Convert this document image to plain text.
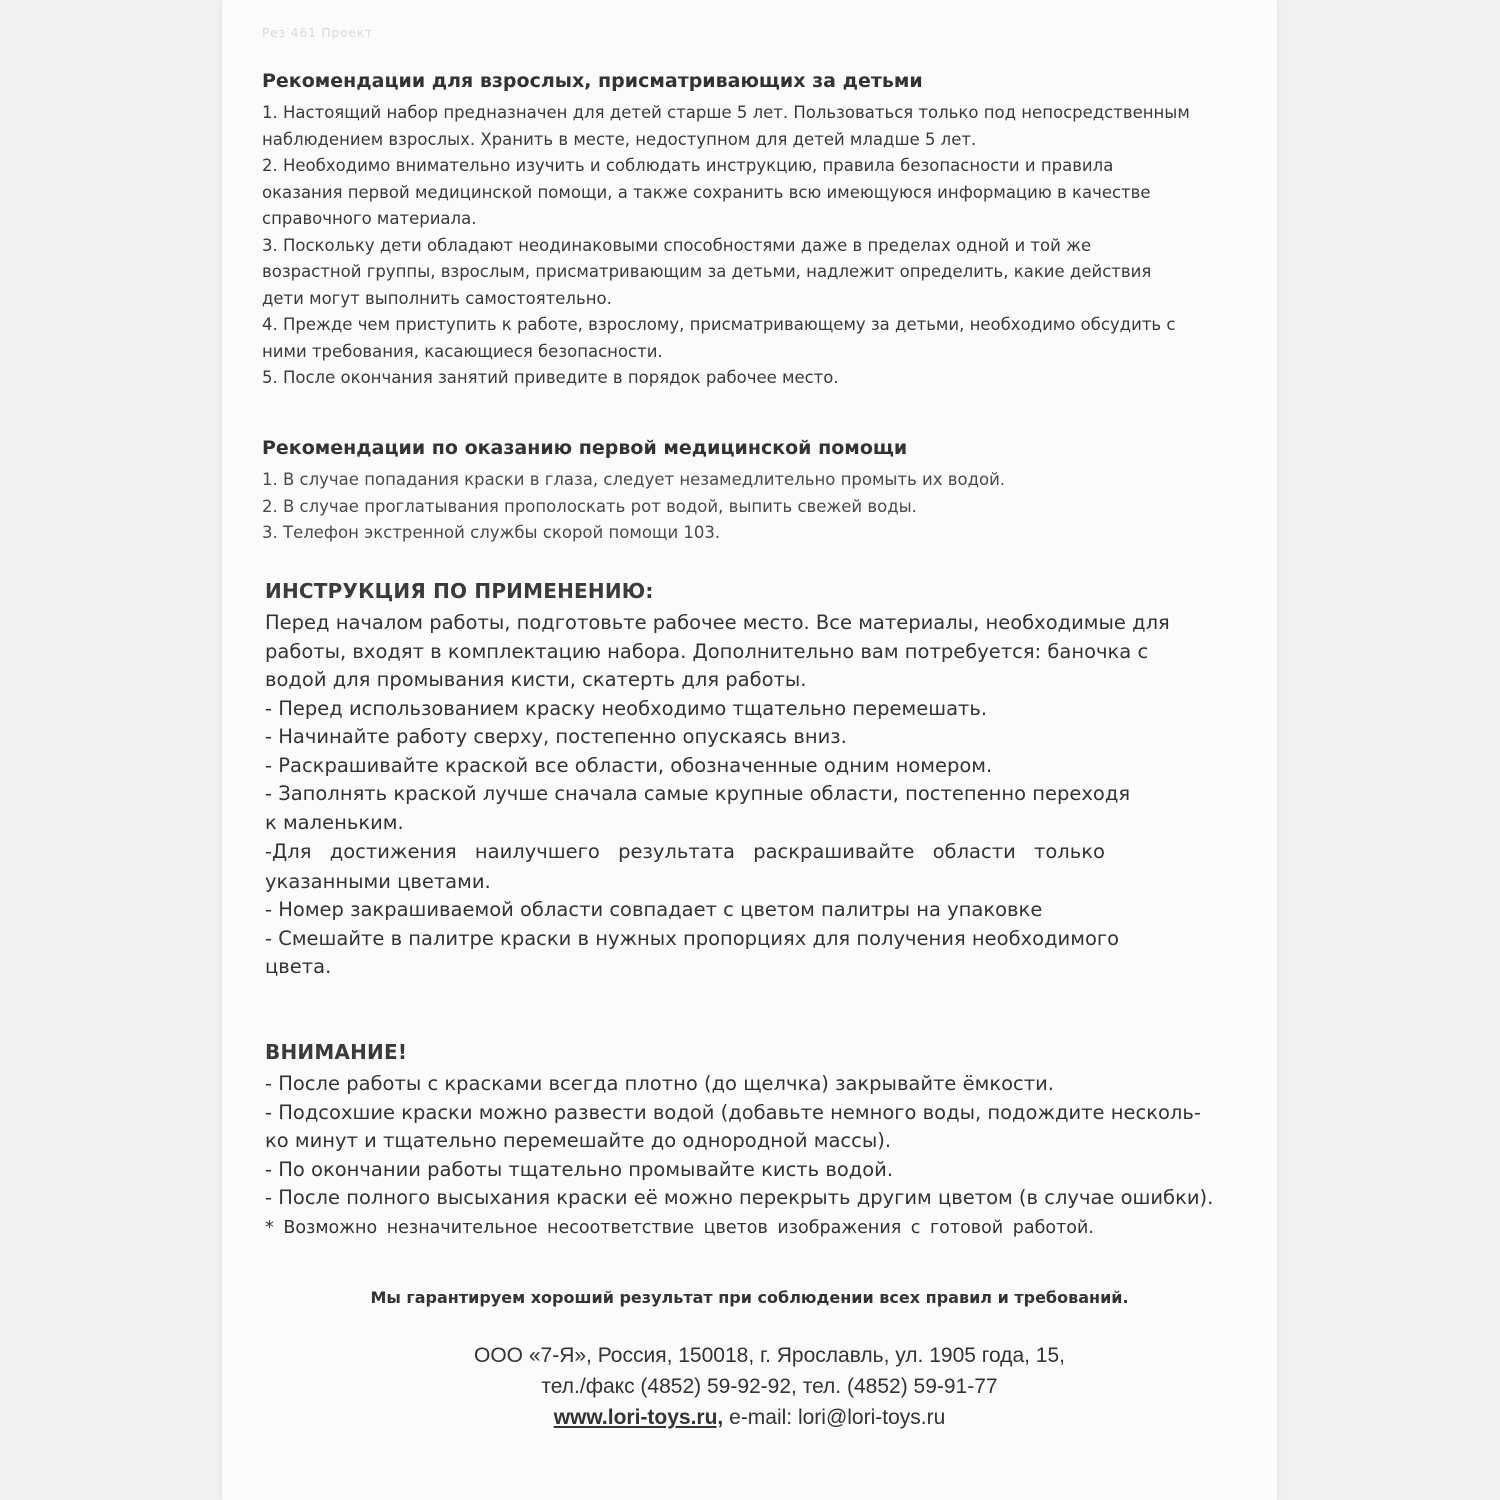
Рез 461 Проект
Рекомендации для взрослых, присматривающих за детьми
1. Настоящий набор предназначен для детей старше 5 лет. Пользоваться только под непосредственным
наблюдением взрослых. Хранить в месте, недоступном для детей младше 5 лет.
2. Необходимо внимательно изучить и соблюдать инструкцию, правила безопасности и правила
оказания первой медицинской помощи, а также сохранить всю имеющуюся информацию в качестве
справочного материала.
3. Поскольку дети обладают неодинаковыми способностями даже в пределах одной и той же
возрастной группы, взрослым, присматривающим за детьми, надлежит определить, какие действия
дети могут выполнить самостоятельно.
4. Прежде чем приступить к работе, взрослому, присматривающему за детьми, необходимо обсудить с
ними требования, касающиеся безопасности.
5. После окончания занятий приведите в порядок рабочее место.
Рекомендации по оказанию первой медицинской помощи
1. В случае попадания краски в глаза, следует незамедлительно промыть их водой.
2. В случае проглатывания прополоскать рот водой, выпить свежей воды.
3. Телефон экстренной службы скорой помощи 103.
ИНСТРУКЦИЯ ПО ПРИМЕНЕНИЮ:
Перед началом работы, подготовьте рабочее место. Все материалы, необходимые для
работы, входят в комплектацию набора. Дополнительно вам потребуется: баночка с
водой для промывания кисти, скатерть для работы.
- Перед использованием краску необходимо тщательно перемешать.
- Начинайте работу сверху, постепенно опускаясь вниз.
- Раскрашивайте краской все области, обозначенные одним номером.
- Заполнять краской лучше сначала самые крупные области, постепенно переходя
к маленьким.
-Для достижения наилучшего результата раскрашивайте области только
указанными цветами.
- Номер закрашиваемой области совпадает с цветом палитры на упаковке
- Смешайте в палитре краски в нужных пропорциях для получения необходимого
цвета.
ВНИМАНИЕ!
- После работы с красками всегда плотно (до щелчка) закрывайте ёмкости.
- Подсохшие краски можно развести водой (добавьте немного воды, подождите несколь-
ко минут и тщательно перемешайте до однородной массы).
- По окончании работы тщательно промывайте кисть водой.
- После полного высыхания краски её можно перекрыть другим цветом (в случае ошибки).
* Возможно незначительное несоответствие цветов изображения с готовой работой.
Мы гарантируем хороший результат при соблюдении всех правил и требований.
ООО «7-Я», Россия, 150018, г. Ярославль, ул. 1905 года, 15,
тел./факс (4852) 59-92-92, тел. (4852) 59-91-77
www.lori-toys.ru, e-mail: lori@lori-toys.ru
